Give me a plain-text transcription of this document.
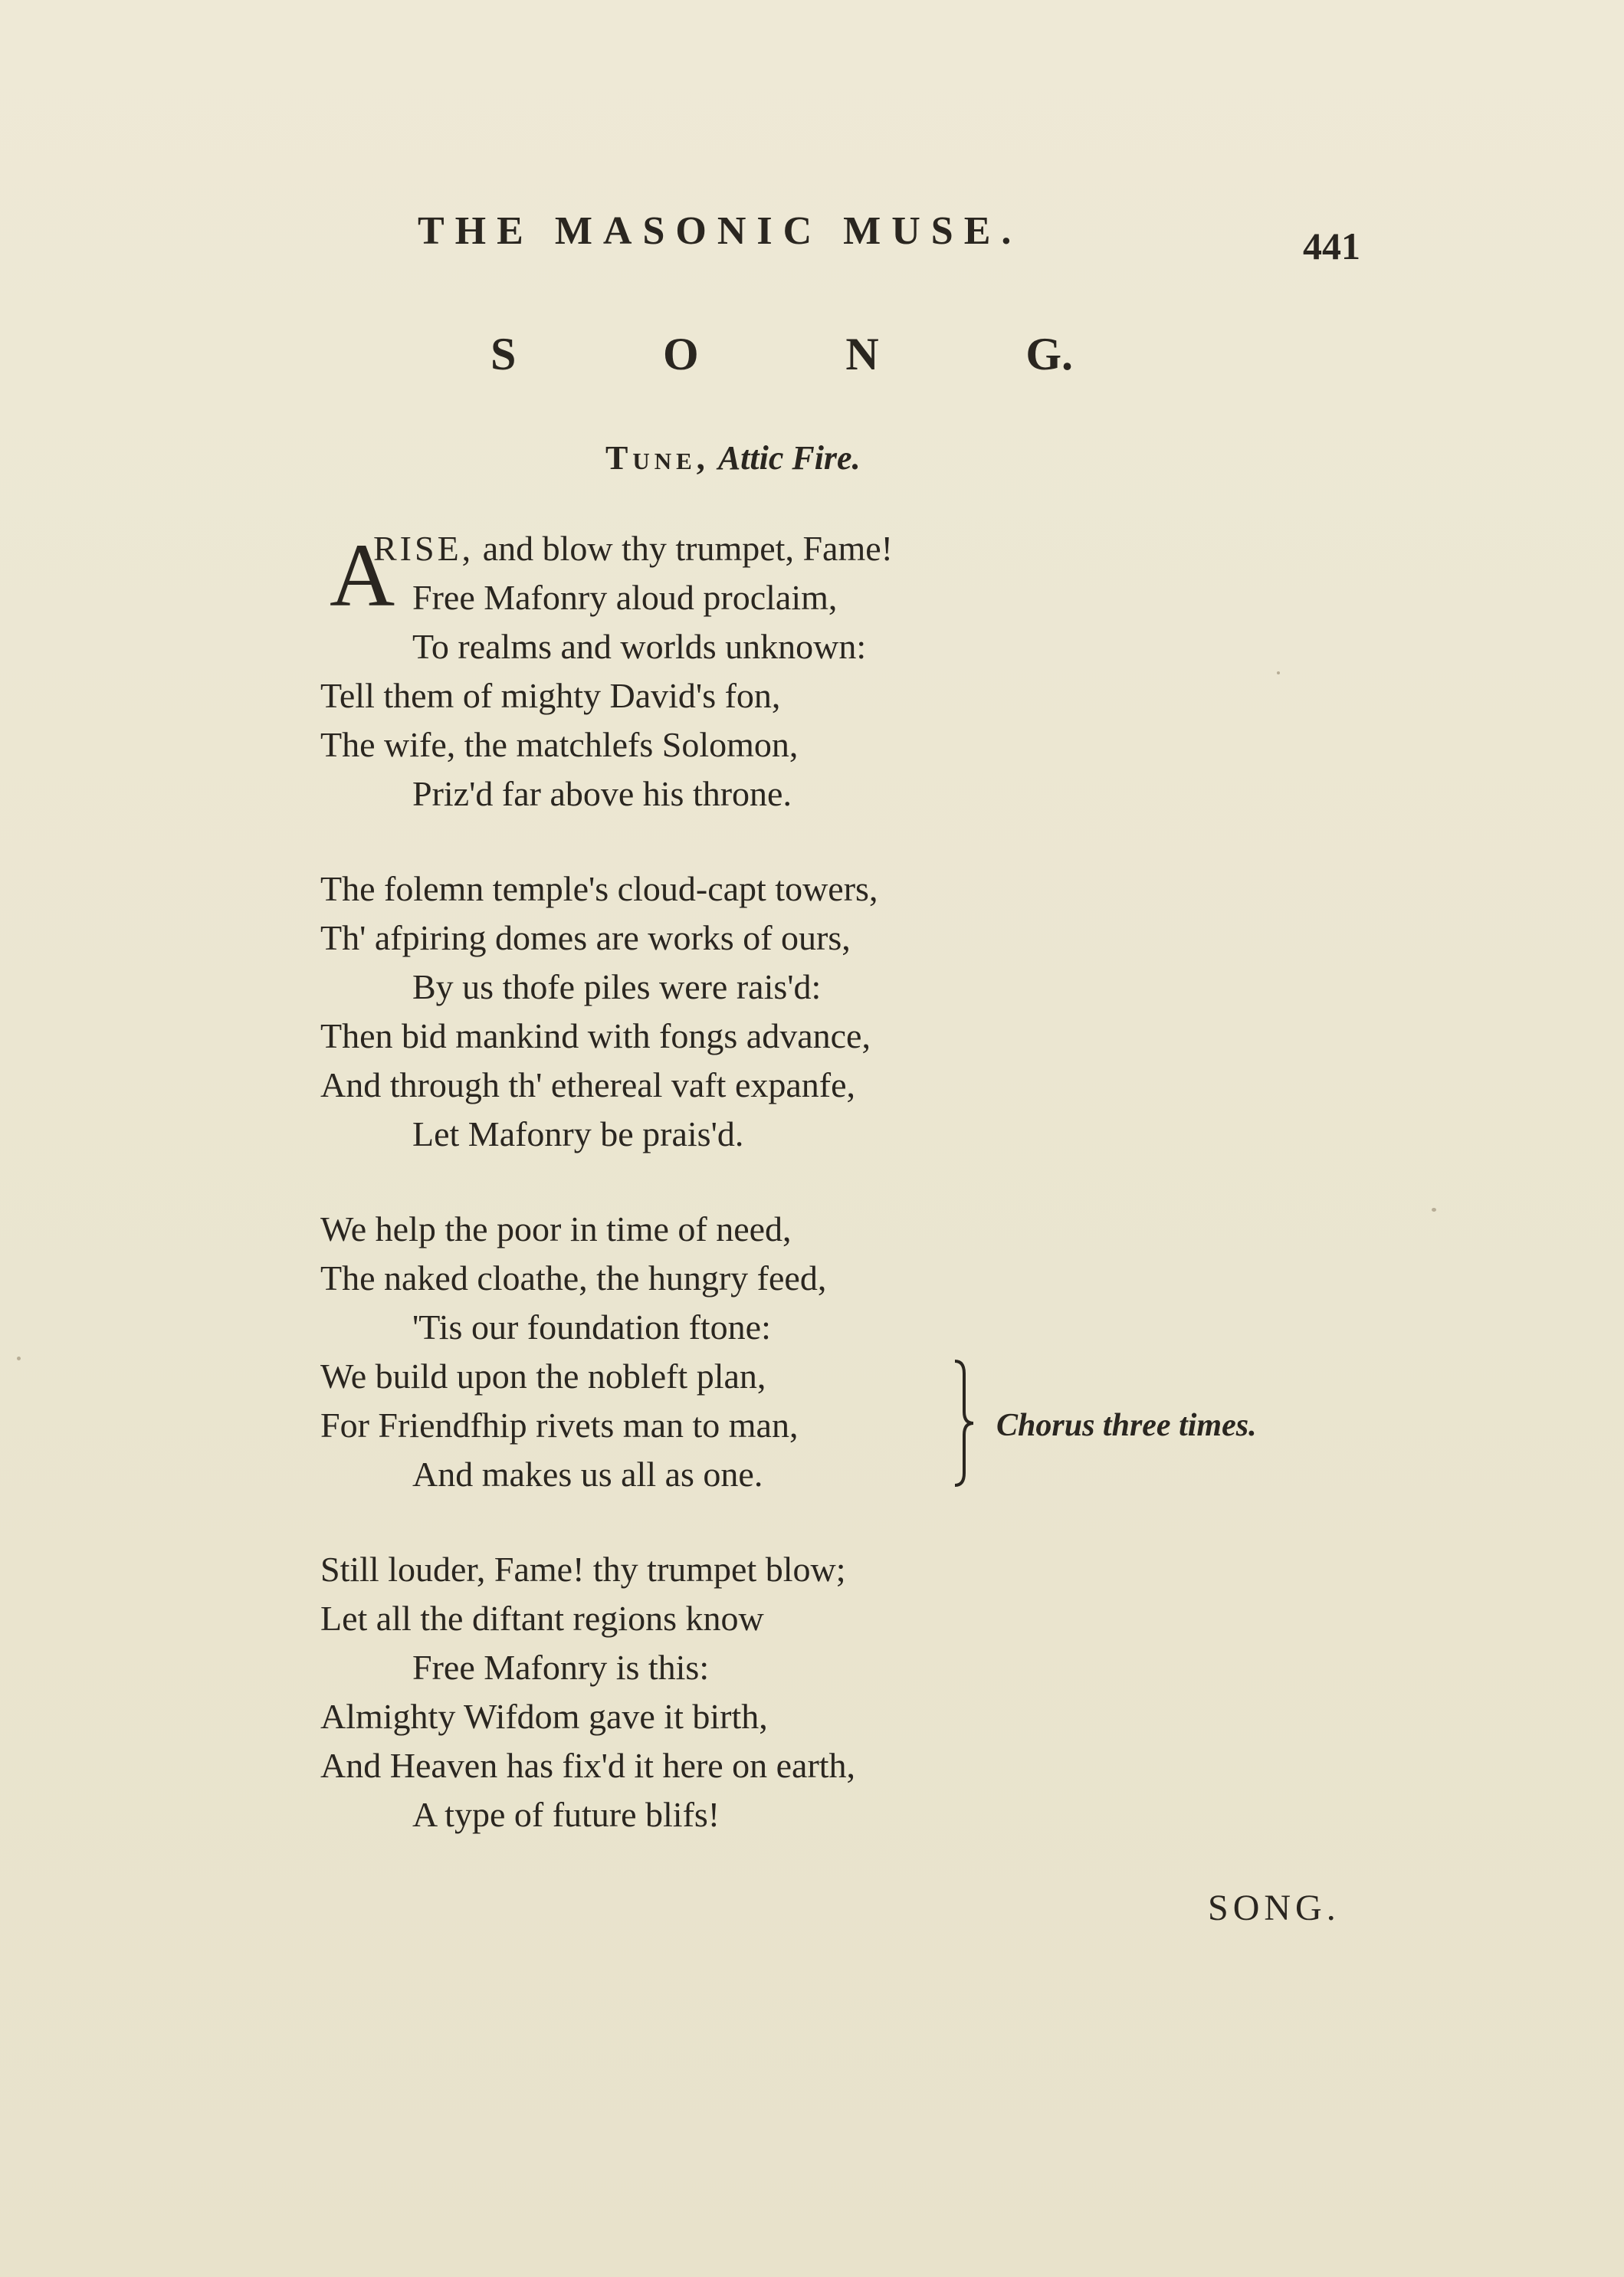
THE MASONIC MUSE.	441
S	O	N	G.
Tune, Attic Fire.
A
RISE, and blow thy trumpet, Fame!
Free Mafonry aloud proclaim,
To realms and worlds unknown:
Tell them of mighty David's fon,
The wife, the matchlefs Solomon,
Priz'd far above his throne.
The folemn temple's cloud-capt towers,
Th' afpiring domes are works of ours,
By us thofe piles were rais'd:
Then bid mankind with fongs advance,
And through th' ethereal vaft expanfe,
Let Mafonry be prais'd.
We help the poor in time of need,
The naked cloathe, the hungry feed,
'Tis our foundation ftone:
We build upon the nobleft plan,
For Friendfhip rivets man to man,
And makes us all as one.
Chorus three times.
Still louder, Fame! thy trumpet blow;
Let all the diftant regions know
Free Mafonry is this:
Almighty Wifdom gave it birth,
And Heaven has fix'd it here on earth,
A type of future blifs!
SONG.
